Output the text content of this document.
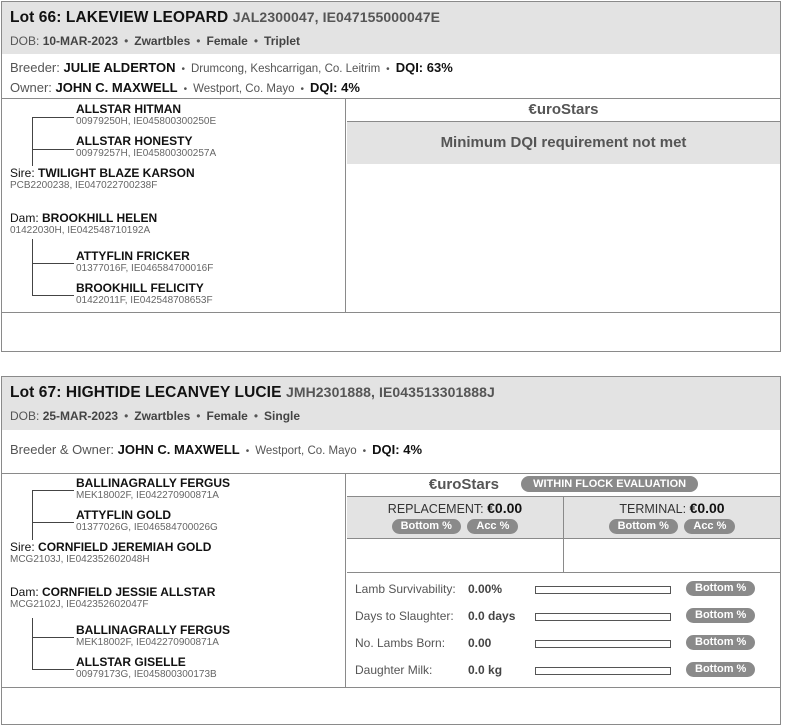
Lot 66: LAKEVIEW LEOPARD JAL2300047, IE047155000047E
DOB: 10-MAR-2023 • Zwartbles • Female • Triplet
Breeder: JULIE ALDERTON • Drumcong, Keshcarrigan, Co. Leitrim • DQI: 63%
Owner: JOHN C. MAXWELL • Westport, Co. Mayo • DQI: 4%
ALLSTAR HITMAN
00979250H, IE045800300250E
ALLSTAR HONESTY
00979257H, IE045800300257A
Sire: TWILIGHT BLAZE KARSON
PCB2200238, IE047022700238F
Dam: BROOKHILL HELEN
01422030H, IE042548710192A
ATTYFLIN FRICKER
01377016F, IE046584700016F
BROOKHILL FELICITY
01422011F, IE042548708653F
€uroStars
Minimum DQI requirement not met
Lot 67: HIGHTIDE LECANVEY LUCIE JMH2301888, IE043513301888J
DOB: 25-MAR-2023 • Zwartbles • Female • Single
Breeder & Owner: JOHN C. MAXWELL • Westport, Co. Mayo • DQI: 4%
BALLINAGRALLY FERGUS
MEK18002F, IE042270900871A
ATTYFLIN GOLD
01377026G, IE046584700026G
Sire: CORNFIELD JEREMIAH GOLD
MCG2103J, IE042352602048H
Dam: CORNFIELD JESSIE ALLSTAR
MCG2102J, IE042352602047F
BALLINAGRALLY FERGUS
MEK18002F, IE042270900871A
ALLSTAR GISELLE
00979173G, IE045800300173B
€uroStars	WITHIN FLOCK EVALUATION
REPLACEMENT: €0.00
Bottom % Acc %
TERMINAL: €0.00
Bottom % Acc %
Lamb Survivability: 0.00%	Bottom %
Days to Slaughter: 0.0 days	Bottom %
No. Lambs Born: 0.00	Bottom %
Daughter Milk:	0.0 kg	Bottom %
